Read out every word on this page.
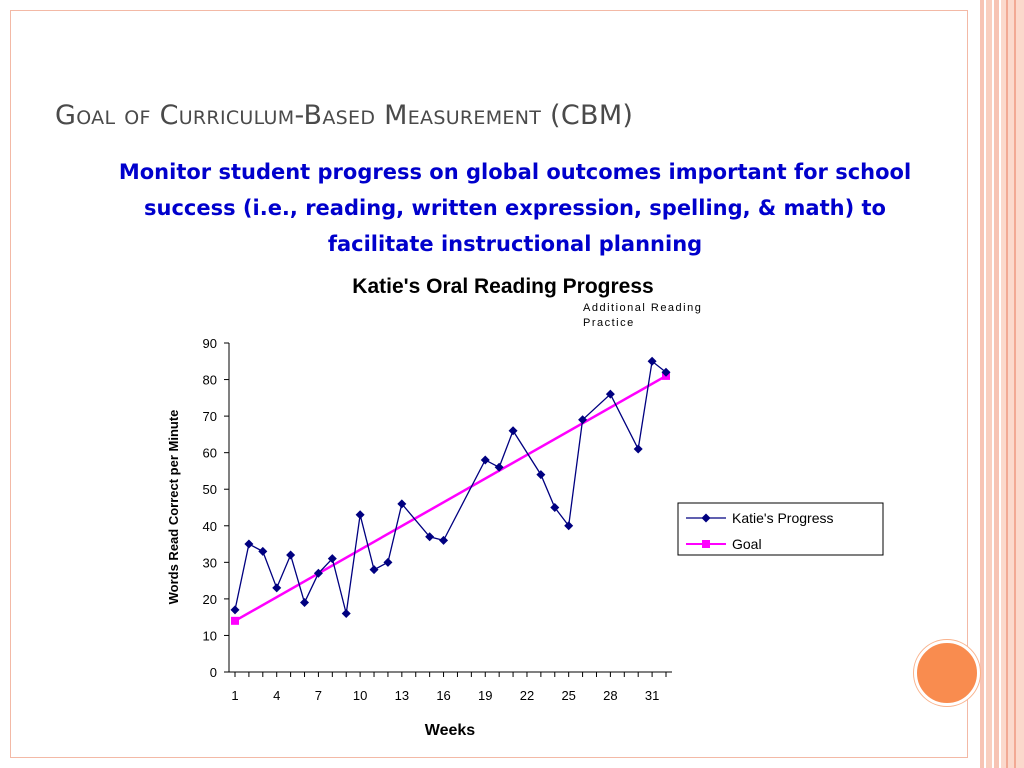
Goal of Curriculum-Based Measurement (CBM)
Monitor student progress on global outcomes important for school success (i.e., reading, written expression, spelling, & math) to facilitate instructional planning
Katie's Oral Reading Progress
Additional Reading
Practice
0
10
20
30
40
50
60
70
80
90
1	4	7 10 13 16 19 22 25 28 31
Weeks
Words Read Correct per Minute	Katie's Progress
Goal
